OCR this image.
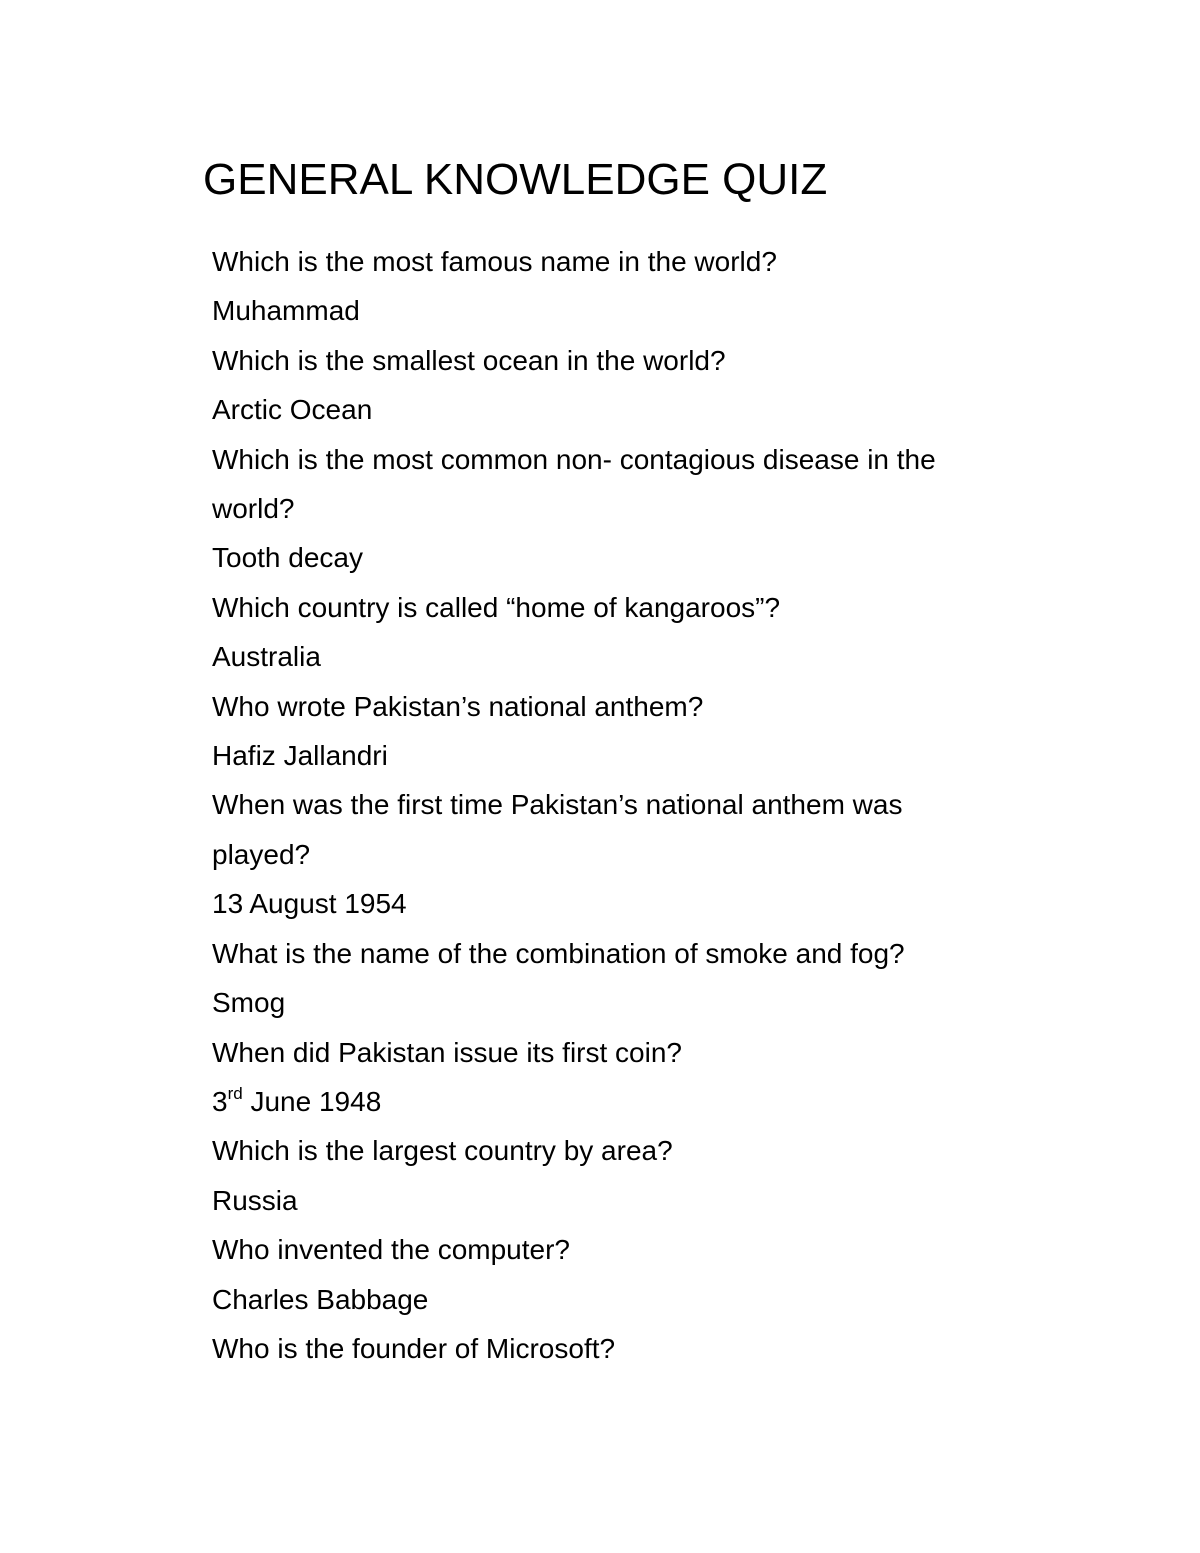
GENERAL KNOWLEDGE QUIZ

Which is the most famous name in the world?

Muhammad

Which is the smallest ocean in the world?

Arctic Ocean

Which is the most common non- contagious disease in the

world?

Tooth decay

Which country is called “home of kangaroos”?

Australia

Who wrote Pakistan’s national anthem?

Hafiz Jallandri

When was the first time Pakistan’s national anthem was

played?

13 August 1954

What is the name of the combination of smoke and fog?

Smog

When did Pakistan issue its first coin?

3rd June 1948

Which is the largest country by area?

Russia

Who invented the computer?

Charles Babbage

Who is the founder of Microsoft?
